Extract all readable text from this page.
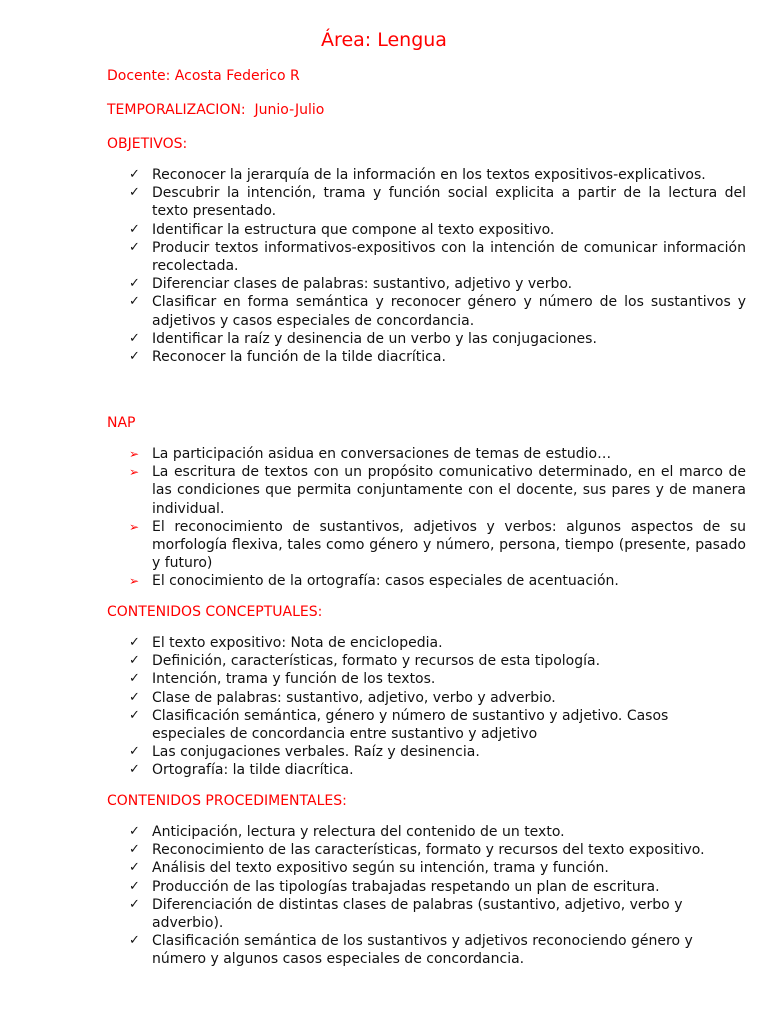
Área: Lengua
Docente: Acosta Federico R
TEMPORALIZACION:  Junio-Julio
OBJETIVOS:
✓ Reconocer la jerarquía de la información en los textos expositivos-explicativos.
✓ Descubrir la intención, trama y función social explicita a partir de la lectura del texto presentado.
✓ Identificar la estructura que compone al texto expositivo.
✓ Producir textos informativos-expositivos con la intención de comunicar información recolectada.
✓ Diferenciar clases de palabras: sustantivo, adjetivo y verbo.
✓ Clasificar en forma semántica y reconocer género y número de los sustantivos y adjetivos y casos especiales de concordancia.
✓ Identificar la raíz y desinencia de un verbo y las conjugaciones.
✓ Reconocer la función de la tilde diacrítica.
NAP
➢ La participación asidua en conversaciones de temas de estudio…
➢ La escritura de textos con un propósito comunicativo determinado, en el marco de las condiciones que permita conjuntamente con el docente, sus pares y de manera individual.
➢ El reconocimiento de sustantivos, adjetivos y verbos: algunos aspectos de su morfología flexiva, tales como género y número, persona, tiempo (presente, pasado y futuro)
➢ El conocimiento de la ortografía: casos especiales de acentuación.
CONTENIDOS CONCEPTUALES:
✓ El texto expositivo: Nota de enciclopedia.
✓ Definición, características, formato y recursos de esta tipología.
✓ Intención, trama y función de los textos.
✓ Clase de palabras: sustantivo, adjetivo, verbo y adverbio.
✓ Clasificación semántica, género y número de sustantivo y adjetivo. Casos especiales de concordancia entre sustantivo y adjetivo
✓ Las conjugaciones verbales. Raíz y desinencia.
✓ Ortografía: la tilde diacrítica.
CONTENIDOS PROCEDIMENTALES:
✓ Anticipación, lectura y relectura del contenido de un texto.
✓ Reconocimiento de las características, formato y recursos del texto expositivo.
✓ Análisis del texto expositivo según su intención, trama y función.
✓ Producción de las tipologías trabajadas respetando un plan de escritura.
✓ Diferenciación de distintas clases de palabras (sustantivo, adjetivo, verbo y adverbio).
✓ Clasificación semántica de los sustantivos y adjetivos reconociendo género y número y algunos casos especiales de concordancia.
